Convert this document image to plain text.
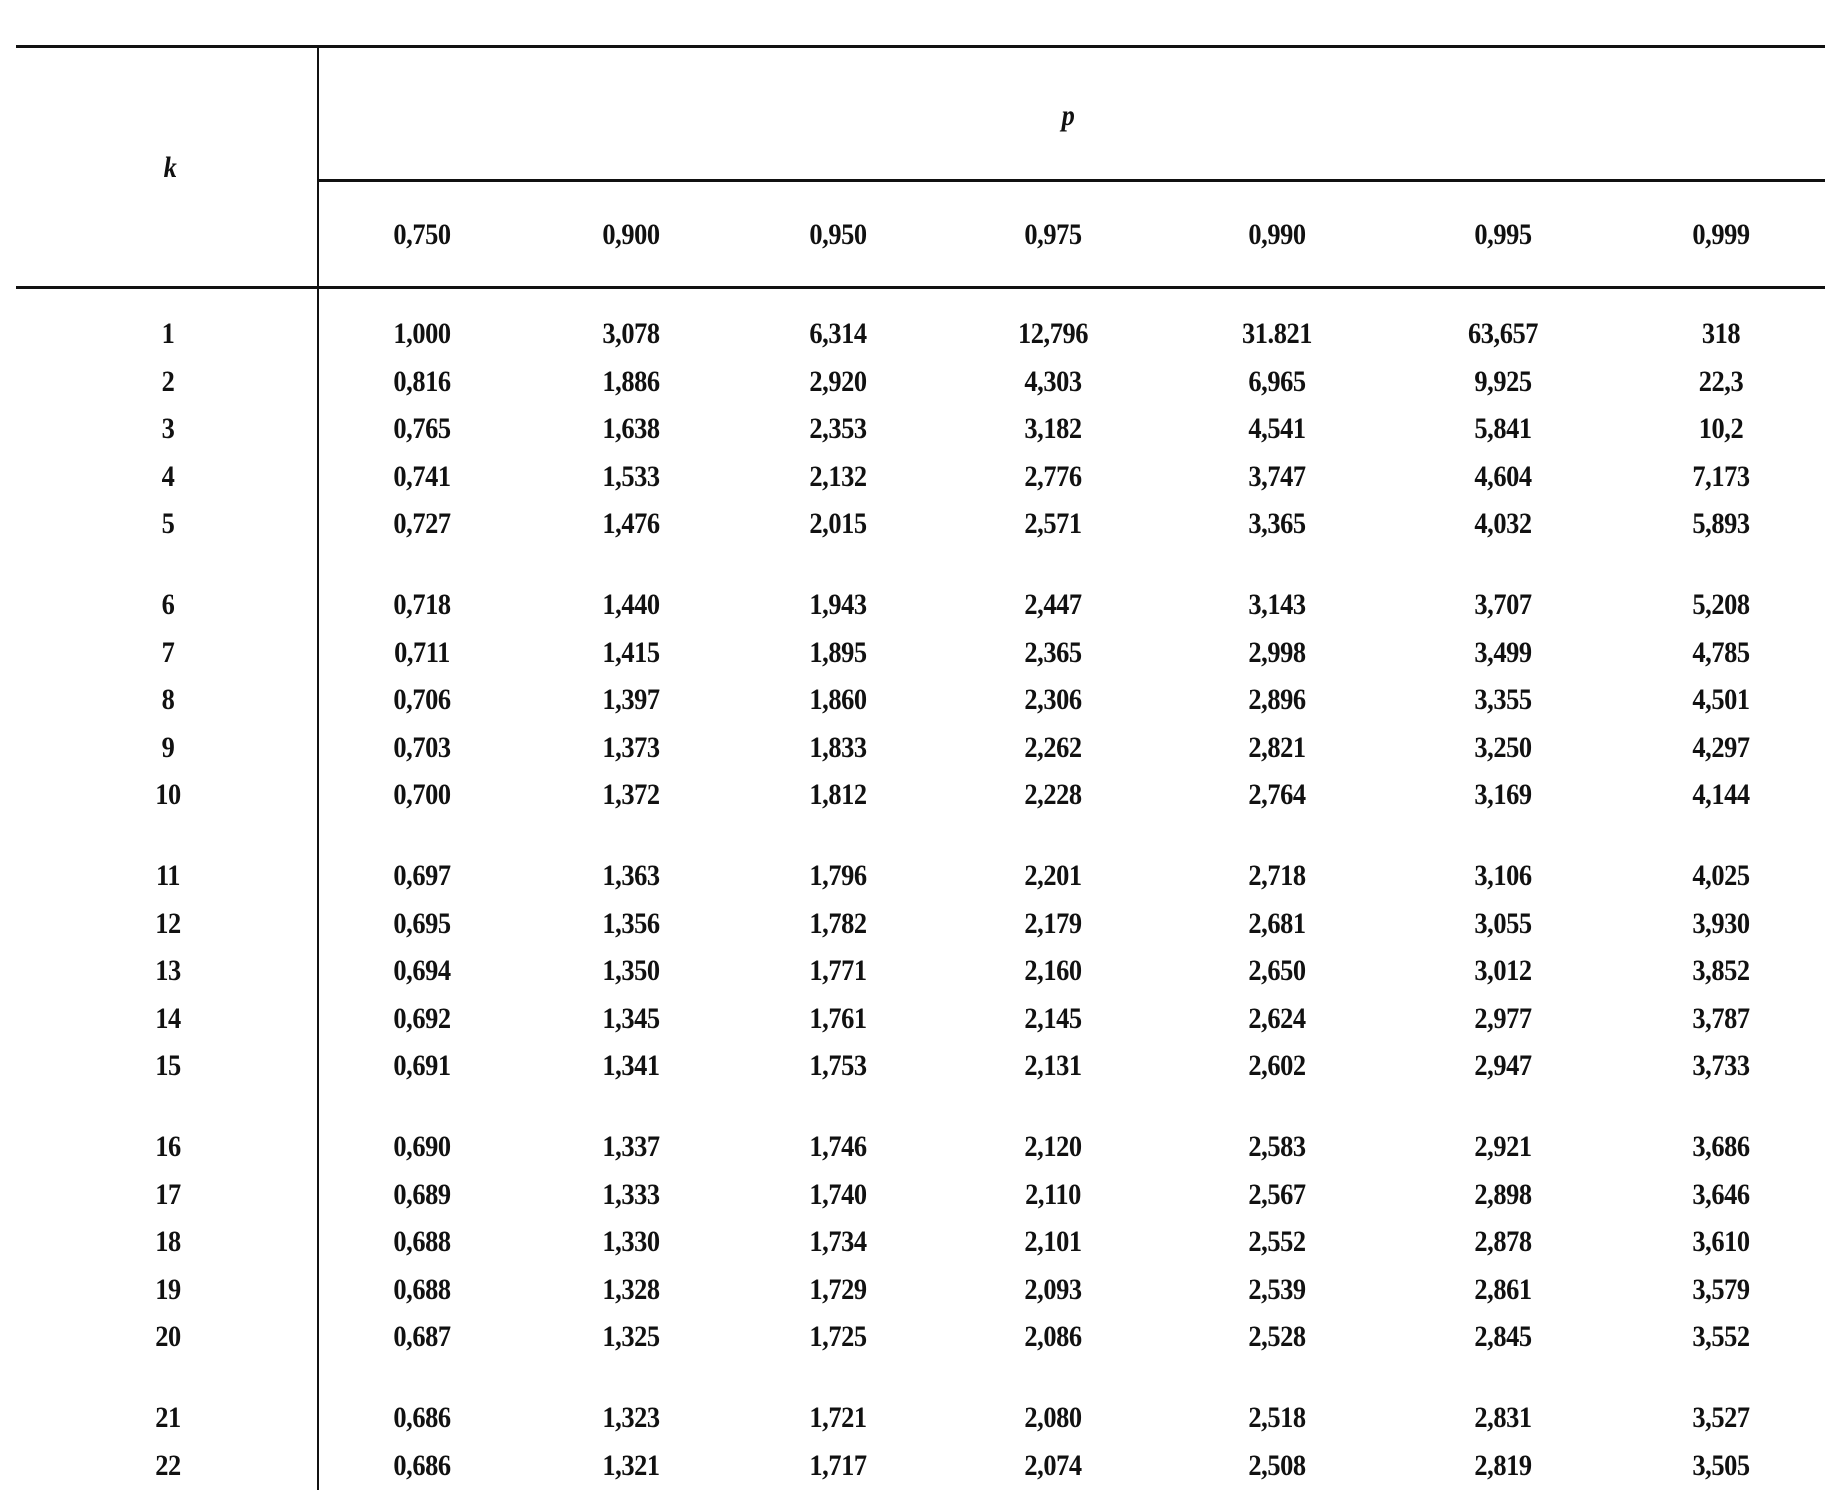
k
p
0,750	0,900	0,950	0,975	0,990	0,995	0,999
1	1,000	3,078	6,314	12,796	31.821	63,657	318
2	0,816	1,886	2,920	4,303	6,965	9,925	22,3
3	0,765	1,638	2,353	3,182	4,541	5,841	10,2
4	0,741	1,533	2,132	2,776	3,747	4,604	7,173
5	0,727	1,476	2,015	2,571	3,365	4,032	5,893
6	0,718	1,440	1,943	2,447	3,143	3,707	5,208
7	0,711	1,415	1,895	2,365	2,998	3,499	4,785
8	0,706	1,397	1,860	2,306	2,896	3,355	4,501
9	0,703	1,373	1,833	2,262	2,821	3,250	4,297
10	0,700	1,372	1,812	2,228	2,764	3,169	4,144
11	0,697	1,363	1,796	2,201	2,718	3,106	4,025
12	0,695	1,356	1,782	2,179	2,681	3,055	3,930
13	0,694	1,350	1,771	2,160	2,650	3,012	3,852
14	0,692	1,345	1,761	2,145	2,624	2,977	3,787
15	0,691	1,341	1,753	2,131	2,602	2,947	3,733
16	0,690	1,337	1,746	2,120	2,583	2,921	3,686
17	0,689	1,333	1,740	2,110	2,567	2,898	3,646
18	0,688	1,330	1,734	2,101	2,552	2,878	3,610
19	0,688	1,328	1,729	2,093	2,539	2,861	3,579
20	0,687	1,325	1,725	2,086	2,528	2,845	3,552
21	0,686	1,323	1,721	2,080	2,518	2,831	3,527
22	0,686	1,321	1,717	2,074	2,508	2,819	3,505
